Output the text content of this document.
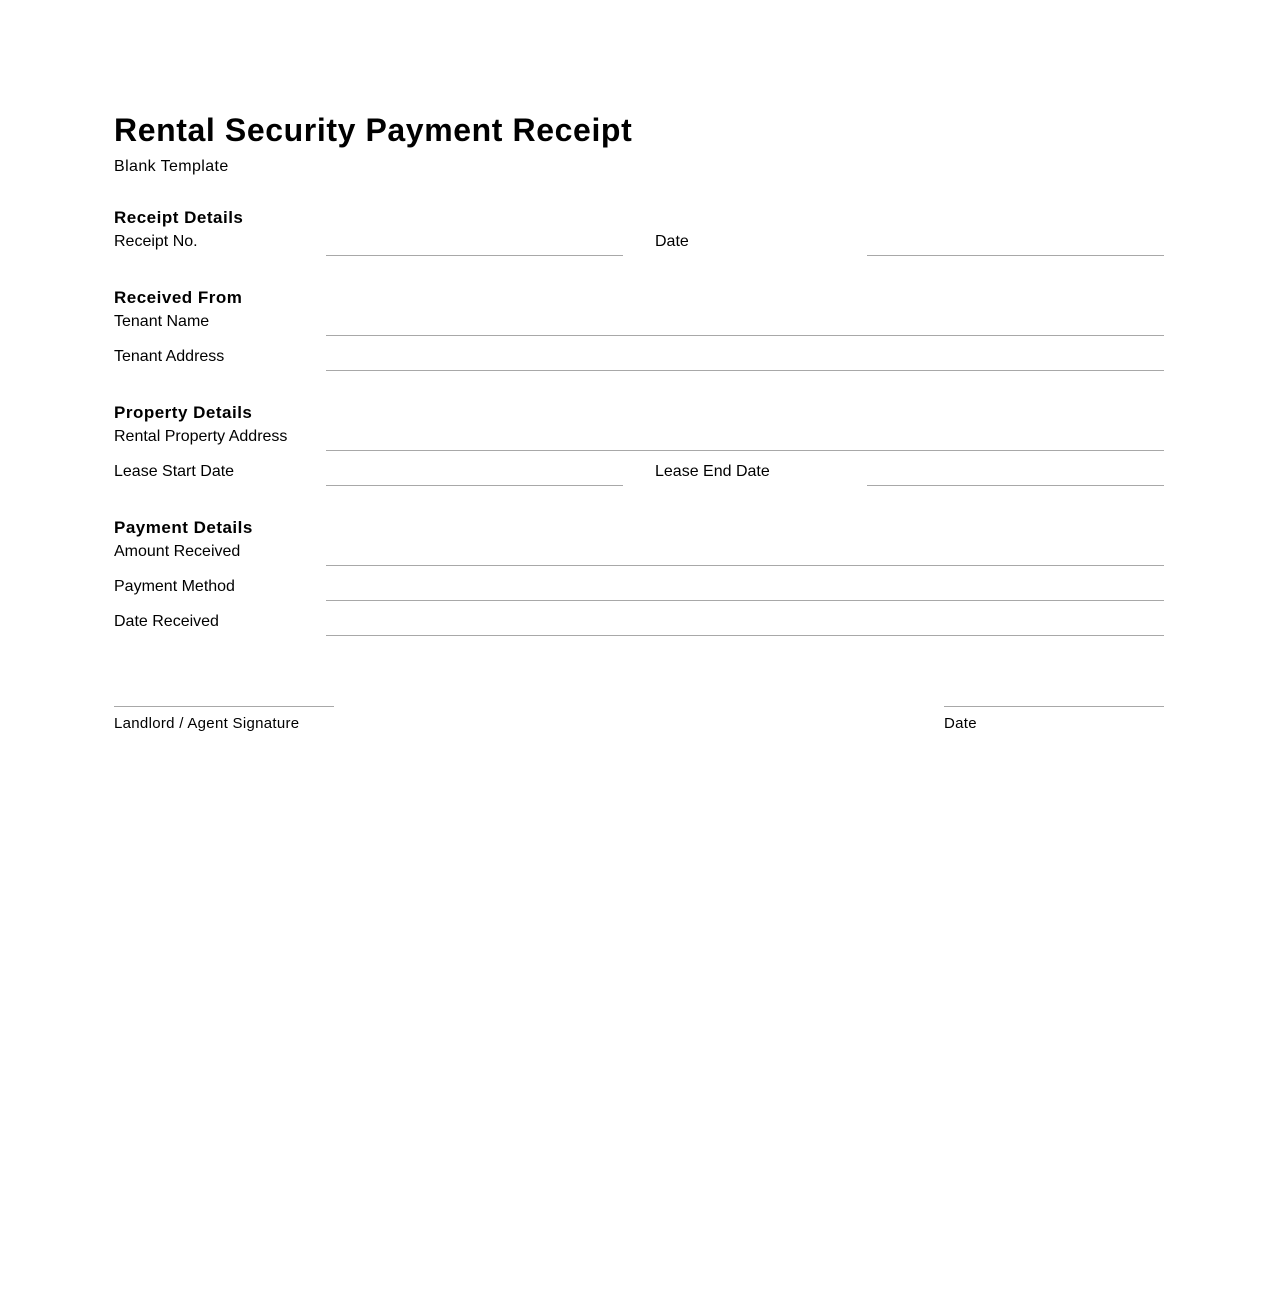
Rental Security Payment Receipt
Blank Template
Receipt Details
Receipt No.	Date
Received From
Tenant Name
Tenant Address
Property Details
Rental Property Address
Lease Start Date	Lease End Date
Payment Details
Amount Received
Payment Method
Date Received
Landlord / Agent Signature	Date
